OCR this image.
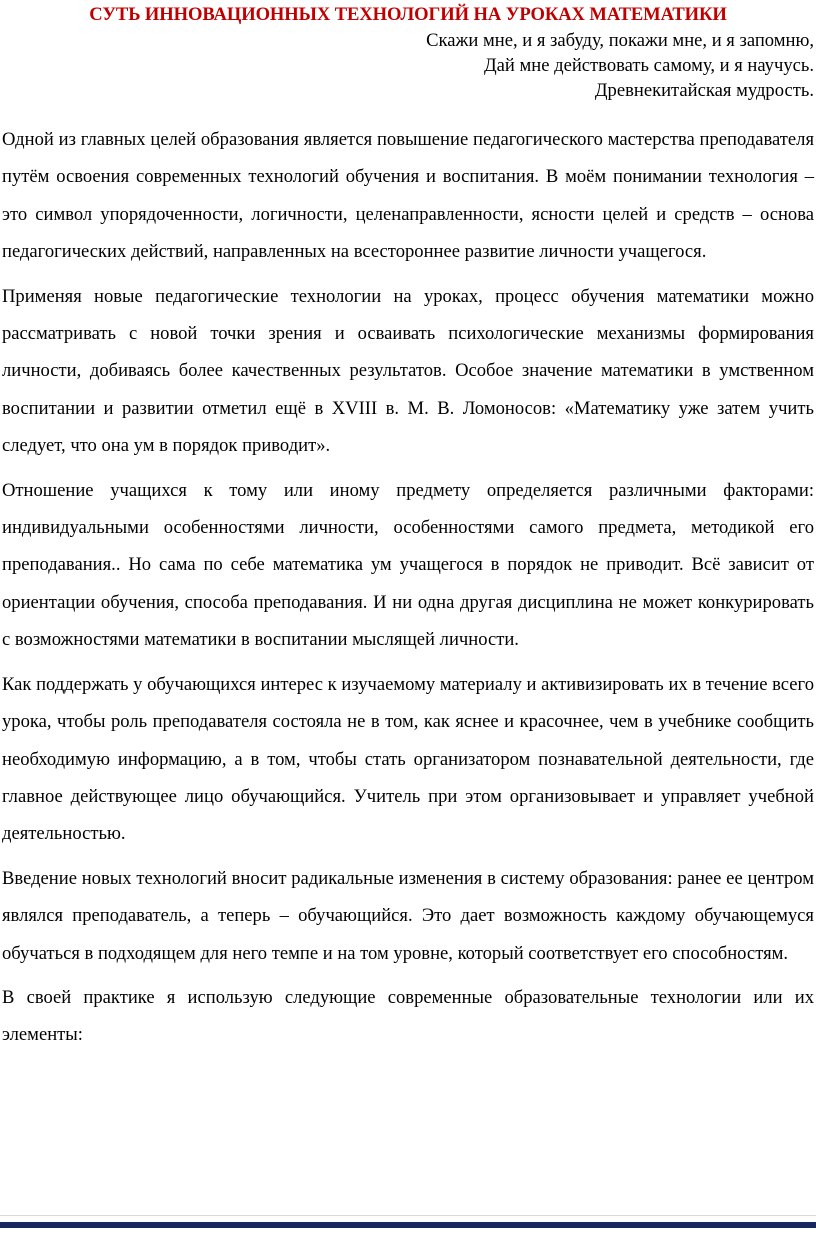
СУТЬ ИННОВАЦИОННЫХ ТЕХНОЛОГИЙ НА УРОКАХ МАТЕМАТИКИ
Скажи мне, и я забуду, покажи мне, и я запомню,
Дай мне действовать самому, и я научусь.
Древнекитайская мудрость.

Одной из главных целей образования является повышение педагогического мастерства преподавателя путём освоения современных технологий обучения и воспитания. В моём понимании технология – это символ упорядоченности, логичности, целенаправленности, ясности целей и средств – основа педагогических действий, направленных на всестороннее развитие личности учащегося.

Применяя новые педагогические технологии на уроках, процесс обучения математики можно рассматривать с новой точки зрения и осваивать психологические механизмы формирования личности, добиваясь более качественных результатов. Особое значение математики в умственном воспитании и развитии отметил ещё в XVIII в. М. В. Ломоносов: «Математику уже затем учить следует, что она ум в порядок приводит».

Отношение учащихся к тому или иному предмету определяется различными факторами: индивидуальными особенностями личности, особенностями самого предмета, методикой его преподавания.. Но сама по себе математика ум учащегося в порядок не приводит. Всё зависит от ориентации обучения, способа преподавания. И ни одна другая дисциплина не может конкурировать с возможностями математики в воспитании мыслящей личности.

Как поддержать у обучающихся интерес к изучаемому материалу и активизировать их в течение всего урока, чтобы роль преподавателя состояла не в том, как яснее и красочнее, чем в учебнике сообщить необходимую информацию, а в том, чтобы стать организатором познавательной деятельности, где главное действующее лицо обучающийся. Учитель при этом организовывает и управляет учебной деятельностью.

Введение новых технологий вносит радикальные изменения в систему образования: ранее ее центром являлся преподаватель, а теперь – обучающийся. Это дает возможность каждому обучающемуся обучаться в подходящем для него темпе и на том уровне, который соответствует его способностям.

В своей практике я использую следующие современные образовательные технологии или их элементы:
